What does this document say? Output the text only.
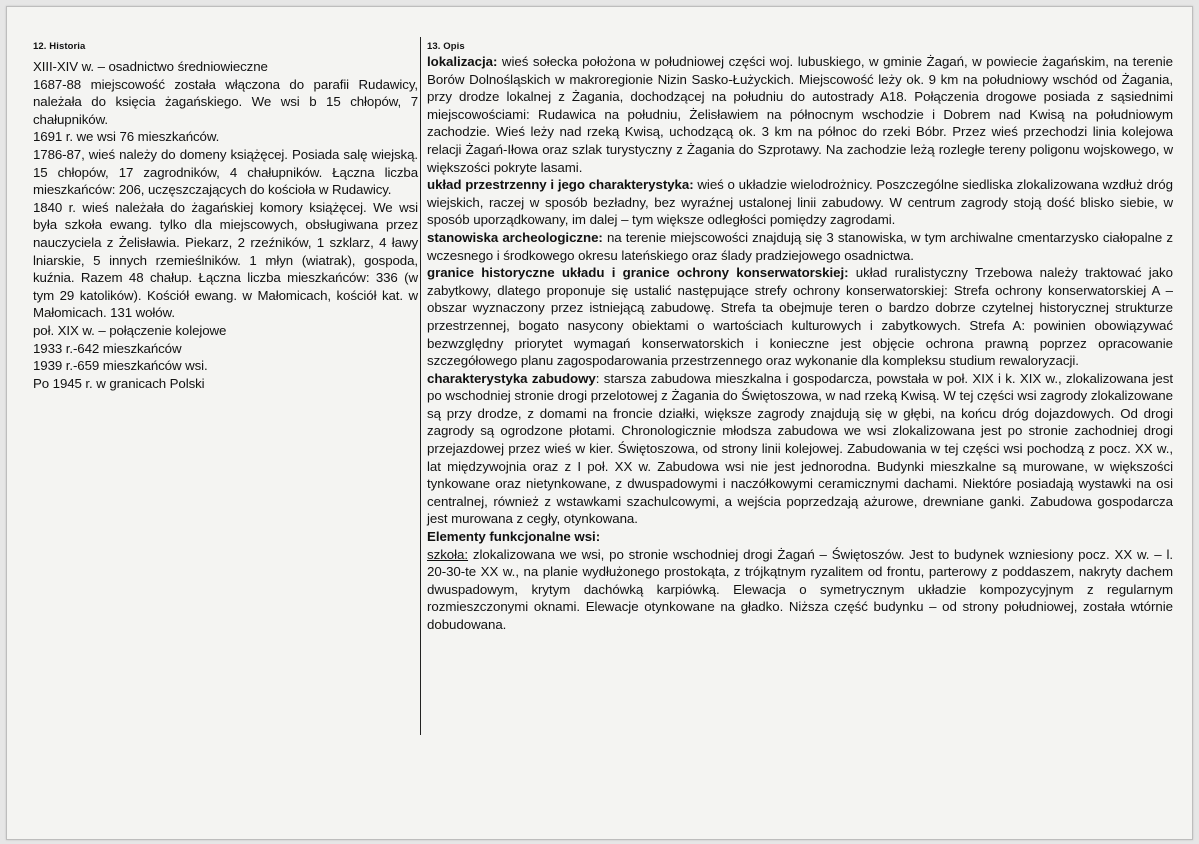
12. Historia

XIII-XIV w. – osadnictwo średniowieczne

1687-88 miejscowość została włączona do parafii Rudawicy, należała do księcia żagańskiego. We wsi b 15 chłopów, 7 chałupników.

1691 r. we wsi 76 mieszkańców.

1786-87, wieś należy do domeny książęcej. Posiada salę wiejską. 15 chłopów, 17 zagrodników, 4 chałupników. Łączna liczba mieszkańców: 206, uczęszczających do kościoła w Rudawicy.

1840 r. wieś należała do żagańskiej komory książęcej. We wsi była szkoła ewang. tylko dla miejscowych, obsługiwana przez nauczyciela z Żelisławia. Piekarz, 2 rzeźników, 1 szklarz, 4 ławy lniarskie, 5 innych rzemieślników. 1 młyn (wiatrak), gospoda, kuźnia. Razem 48 chałup. Łączna liczba mieszkańców: 336 (w tym 29 katolików). Kościół ewang. w Małomicach, kościół kat. w Małomicach. 131 wołów.

poł. XIX w. – połączenie kolejowe

1933 r.-642 mieszkańców

1939 r.-659 mieszkańców wsi.

Po 1945 r. w granicach Polski

13. Opis

lokalizacja: wieś sołecka położona w południowej części woj. lubuskiego, w gminie Żagań, w powiecie żagańskim, na terenie Borów Dolnośląskich w makroregionie Nizin Sasko-Łużyckich. Miejscowość leży ok. 9 km na południowy wschód od Żagania, przy drodze lokalnej z Żagania, dochodzącej na południu do autostrady A18. Połączenia drogowe posiada z sąsiednimi miejscowościami: Rudawica na południu, Żelisławiem na północnym wschodzie i Dobrem nad Kwisą na południowym zachodzie. Wieś leży nad rzeką Kwisą, uchodzącą ok. 3 km na północ do rzeki Bóbr. Przez wieś przechodzi linia kolejowa relacji Żagań-Iłowa oraz szlak turystyczny z Żagania do Szprotawy. Na zachodzie leżą rozległe tereny poligonu wojskowego, w większości pokryte lasami.

układ przestrzenny i jego charakterystyka: wieś o układzie wielodrożnicy. Poszczególne siedliska zlokalizowana wzdłuż dróg wiejskich, raczej w sposób bezładny, bez wyraźnej ustalonej linii zabudowy. W centrum zagrody stoją dość blisko siebie, w sposób uporządkowany, im dalej – tym większe odległości pomiędzy zagrodami.

stanowiska archeologiczne: na terenie miejscowości znajdują się 3 stanowiska, w tym archiwalne cmentarzysko ciałopalne z wczesnego i środkowego okresu lateńskiego oraz ślady pradziejowego osadnictwa.

granice historyczne układu i granice ochrony konserwatorskiej: układ ruralistyczny Trzebowa należy traktować jako zabytkowy, dlatego proponuje się ustalić następujące strefy ochrony konserwatorskiej: Strefa ochrony konserwatorskiej A – obszar wyznaczony przez istniejącą zabudowę. Strefa ta obejmuje teren o bardzo dobrze czytelnej historycznej strukturze przestrzennej, bogato nasycony obiektami o wartościach kulturowych i zabytkowych. Strefa A: powinien obowiązywać bezwzględny priorytet wymagań konserwatorskich i konieczne jest objęcie ochrona prawną poprzez opracowanie szczegółowego planu zagospodarowania przestrzennego oraz wykonanie dla kompleksu studium rewaloryzacji.

charakterystyka zabudowy: starsza zabudowa mieszkalna i gospodarcza, powstała w poł. XIX i k. XIX w., zlokalizowana jest po wschodniej stronie drogi przelotowej z Żagania do Świętoszowa, w nad rzeką Kwisą. W tej części wsi zagrody zlokalizowane są przy drodze, z domami na froncie działki, większe zagrody znajdują się w głębi, na końcu dróg dojazdowych. Od drogi zagrody są ogrodzone płotami. Chronologicznie młodsza zabudowa we wsi zlokalizowana jest po stronie zachodniej drogi przejazdowej przez wieś w kier. Świętoszowa, od strony linii kolejowej. Zabudowania w tej części wsi pochodzą z pocz. XX w., lat międzywojnia oraz z I poł. XX w. Zabudowa wsi nie jest jednorodna. Budynki mieszkalne są murowane, w większości tynkowane oraz nietynkowane, z dwuspadowymi i naczółkowymi ceramicznymi dachami. Niektóre posiadają wystawki na osi centralnej, również z wstawkami szachulcowymi, a wejścia poprzedzają ażurowe, drewniane ganki. Zabudowa gospodarcza jest murowana z cegły, otynkowana.

Elementy funkcjonalne wsi:

szkoła: zlokalizowana we wsi, po stronie wschodniej drogi Żagań – Świętoszów. Jest to budynek wzniesiony pocz. XX w. – l. 20-30-te XX w., na planie wydłużonego prostokąta, z trójkątnym ryzalitem od frontu, parterowy z poddaszem, nakryty dachem dwuspadowym, krytym dachówką karpiówką. Elewacja o symetrycznym układzie kompozycyjnym z regularnym rozmieszczonymi oknami. Elewacje otynkowane na gładko. Niższa część budynku – od strony południowej, została wtórnie dobudowana.
